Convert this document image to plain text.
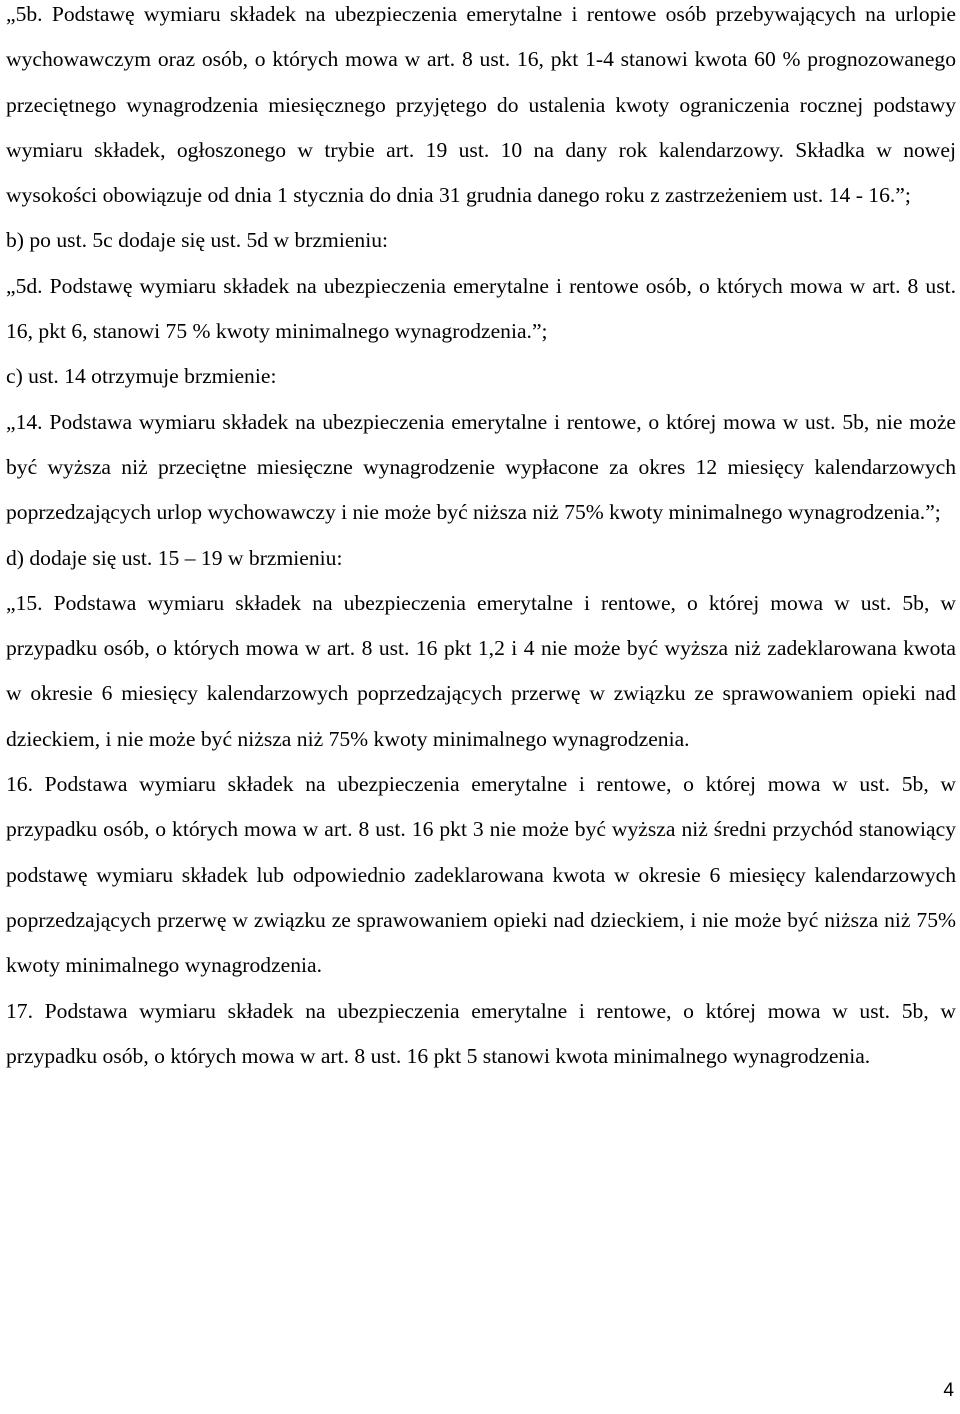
„5b. Podstawę wymiaru składek na ubezpieczenia emerytalne i rentowe osób przebywających na urlopie wychowawczym oraz osób, o których mowa w art. 8 ust. 16, pkt 1-4 stanowi kwota 60 % prognozowanego przeciętnego wynagrodzenia miesięcznego przyjętego do ustalenia kwoty ograniczenia rocznej podstawy wymiaru składek, ogłoszonego w trybie art. 19 ust. 10 na dany rok kalendarzowy. Składka w nowej wysokości obowiązuje od dnia 1 stycznia do dnia 31 grudnia danego roku z zastrzeżeniem ust. 14 - 16.”;

b) po ust. 5c dodaje się ust. 5d w brzmieniu:

„5d. Podstawę wymiaru składek na ubezpieczenia emerytalne i rentowe osób, o których mowa w art. 8 ust. 16, pkt 6, stanowi 75 % kwoty minimalnego wynagrodzenia.”;

c) ust. 14 otrzymuje brzmienie:

„14. Podstawa wymiaru składek na ubezpieczenia emerytalne i rentowe, o której mowa w ust. 5b, nie może być wyższa niż przeciętne miesięczne wynagrodzenie wypłacone za okres 12 miesięcy kalendarzowych poprzedzających urlop wychowawczy i nie może być niższa niż 75% kwoty minimalnego wynagrodzenia.”;

d) dodaje się ust. 15 – 19 w brzmieniu:

„15. Podstawa wymiaru składek na ubezpieczenia emerytalne i rentowe, o której mowa w ust. 5b, w przypadku osób, o których mowa w art. 8 ust. 16 pkt 1,2 i 4 nie może być wyższa niż zadeklarowana kwota w okresie 6 miesięcy kalendarzowych poprzedzających przerwę w związku ze sprawowaniem opieki nad dzieckiem, i nie może być niższa niż 75% kwoty minimalnego wynagrodzenia.

16. Podstawa wymiaru składek na ubezpieczenia emerytalne i rentowe, o której mowa w ust. 5b, w przypadku osób, o których mowa w art. 8 ust. 16 pkt 3 nie może być wyższa niż średni przychód stanowiący podstawę wymiaru składek lub odpowiednio zadeklarowana kwota w okresie 6 miesięcy kalendarzowych poprzedzających przerwę w związku ze sprawowaniem opieki nad dzieckiem, i nie może być niższa niż 75% kwoty minimalnego wynagrodzenia.

17. Podstawa wymiaru składek na ubezpieczenia emerytalne i rentowe, o której mowa w ust. 5b, w przypadku osób, o których mowa w art. 8 ust. 16 pkt 5 stanowi kwota minimalnego wynagrodzenia.

4
